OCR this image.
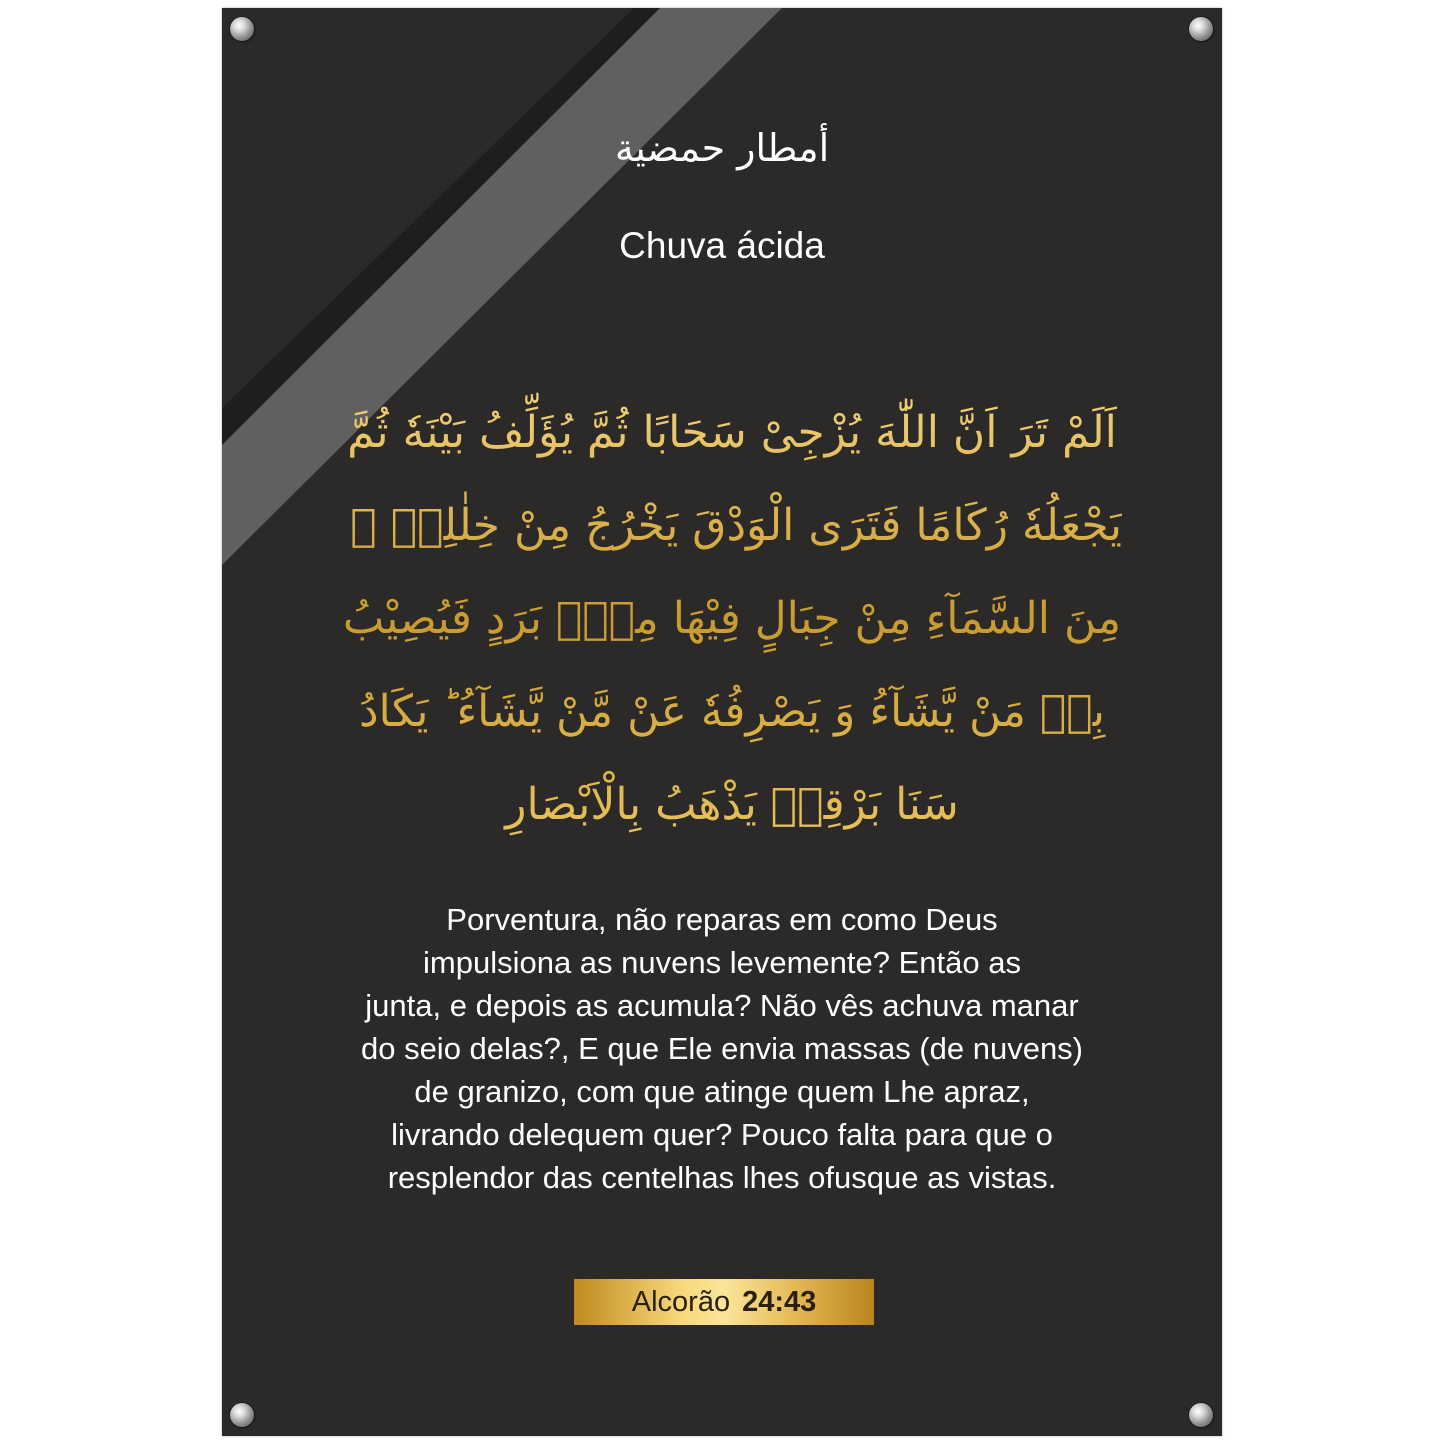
أمطار حمضية
Chuva ácida
اَلَمْ تَرَ اَنَّ اللّٰهَ يُزْجِىْ سَحَابًا ثُمَّ يُؤَلِّفُ بَيْنَهٗ ثُمَّ
يَجْعَلُهٗ رُكَامًا فَتَرَى الْوَدْقَ يَخْرُجُ مِنْ خِلٰلِهٖ ۚ وَيُنَزِّلُ
مِنَ السَّمَآءِ مِنْ جِبَالٍ فِيْهَا مِنْۢ بَرَدٍ فَيُصِيْبُ
بِهٖ مَنْ يَّشَآءُ وَ يَصْرِفُهٗ عَنْ مَّنْ يَّشَآءُ ؕ يَكَادُ
سَنَا بَرْقِهٖ يَذْهَبُ بِالْاَبْصَارِ
Porventura, não reparas em como Deus
impulsiona as nuvens levemente? Então as
junta, e depois as acumula? Não vês achuva manar
do seio delas?, E que Ele envia massas (de nuvens)
de granizo, com que atinge quem Lhe apraz,
livrando delequem quer? Pouco falta para que o
resplendor das centelhas lhes ofusque as vistas.
Alcorão 24:43
